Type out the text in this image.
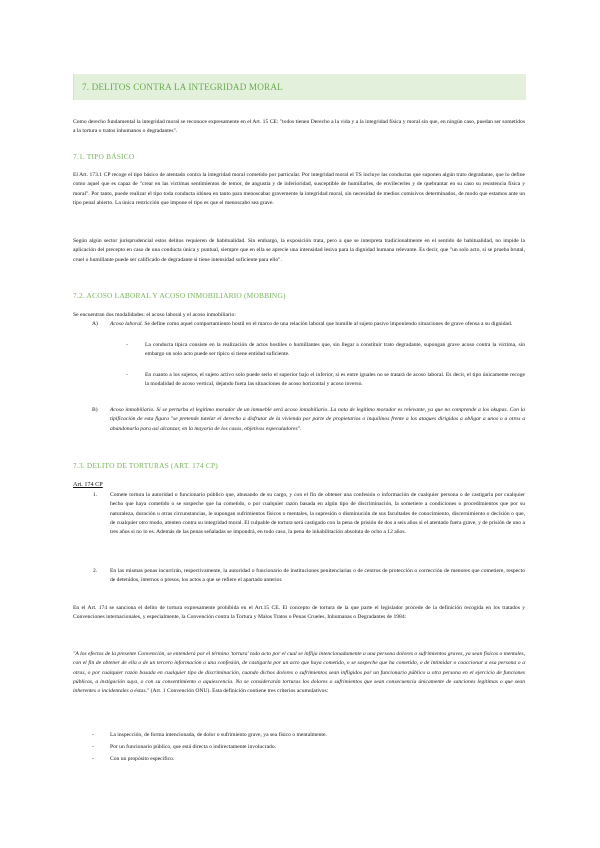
7. DELITOS CONTRA LA INTEGRIDAD MORAL

Como derecho fundamental la integridad moral se reconoce expresamente en el Art. 15 CE: "todos tienen Derecho a la vida y a la integridad física y moral sin que, en ningún caso, puedan ser sometidos a la tortura o tratos inhumanos o degradantes".

7.1. TIPO BÁSICO

El Art. 173.1 CP recoge el tipo básico de atentado contra la integridad moral cometido por particular. Por integridad moral el TS incluye las conductas que suponen algún trato degradante, que lo define como aquel que es capaz de "crear en las víctimas sentimientos de temor, de angustia y de inferioridad, susceptible de humillarles, de envilecerles y de quebrantar en su caso su resistencia física y moral". Por tanto, puede realizar el tipo toda conducta idónea en tanto para menoscabar gravemente la integridad moral, sin necesidad de medios comisivos determinados, de modo que estamos ante un tipo penal abierto. La única restricción que impone el tipo es que el menoscabo sea grave.

Según algún sector jurisprudencial estos delitos requieren de habitualidad. Sin embargo, la exposición trata, pero a que se interpreta tradicionalmente en el sentido de habitualidad, no impide la aplicación del precepto en caso de una conducta única y puntual, siempre que en ella se aprecie una intensidad lesiva para la dignidad humana relevante. Es decir, que "un solo acto, si se prueba brutal, cruel o humillante puede ser calificado de degradante si tiene intensidad suficiente para ello".

7.2. ACOSO LABORAL Y ACOSO INMOBILIARIO (MOBBING)

Se encuentran dos modalidades: el acoso laboral y el acoso inmobiliario:

A) Acoso laboral. Se define como aquel comportamiento hostil en el marco de una relación laboral que humille al sujeto pasivo imponiendo situaciones de grave ofensa a su dignidad.

-	La conducta típica consiste en la realización de actos hostiles o humillantes que, sin llegar a constituir trato degradante, supongan grave acoso contra la víctima, sin embargo un solo acto puede ser típico si tiene entidad suficiente.

-	En cuanto a los sujetos, el sujeto activo solo puede serlo el superior bajo el inferior, si es entre iguales no se tratará de acoso laboral. Es decir, el tipo únicamente recoge la modalidad de acoso vertical, dejando fuera las situaciones de acoso horizontal y acoso inverso.

B) Acoso inmobiliario. Si se perturba el legítimo morador de un inmueble será acoso inmobiliario. La nota de legítimo morador es relevante, ya que no comprende a los okupas. Con la tipificación de esta figura "se pretende tutelar el derecho a disfrutar de la vivienda por parte de propietarios o inquilinos frente a los ataques dirigidos a obligar a unos o a otros a abandonarla para así alcanzar, en la mayoría de los casos, objetivos especuladores".

7.3. DELITO DE TORTURAS (ART. 174 CP)
Art. 174 CP
1. Comete tortura la autoridad o funcionario público que, abusando de su cargo, y con el fin de obtener una confesión o información de cualquier persona o de castigarla por cualquier hecho que haya cometido o se sospeche que ha cometido, o por cualquier razón basada en algún tipo de discriminación, la sometiere a condiciones o procedimientos que por su naturaleza, duración u otras circunstancias, le supongan sufrimientos físicos o mentales, la supresión o disminución de sus facultades de conocimiento, discernimiento o decisión o que, de cualquier otro modo, atenten contra su integridad moral. El culpable de tortura será castigado con la pena de prisión de dos a seis años si el atentado fuera grave, y de prisión de uno a tres años si no lo es. Además de las penas señaladas se impondrá, en todo caso, la pena de inhabilitación absoluta de ocho a 12 años.

2. En las mismas penas incurrirán, respectivamente, la autoridad o funcionario de instituciones penitenciarias o de centros de protección o corrección de menores que cometiere, respecto de detenidos, internos o presos, los actos a que se refiere el apartado anterior.

En el Art. 174 se sanciona el delito de tortura expresamente prohibida en el Art.15 CE. El concepto de tortura de la que parte el legislador procede de la definición recogida en los tratados y Convenciones internacionales, y especialmente, la Convención contra la Tortura y Malos Tratos o Penas Crueles, Inhumanas o Degradantes de 1984:

"A los efectos de la presente Convención, se entenderá por el término 'tortura' todo acto por el cual se inflija intencionadamente a una persona dolores o sufrimientos graves, ya sean físicos o mentales, con el fin de obtener de ella o de un tercero información o una confesión, de castigarla por un acto que haya cometido, o se sospeche que ha cometido, o de intimidar o coaccionar a esa persona o a otras, o por cualquier razón basada en cualquier tipo de discriminación, cuando dichos dolores o sufrimientos sean infligidos por un funcionario público u otra persona en el ejercicio de funciones públicas, a instigación suya, o con su consentimiento o aquiescencia. No se considerarán torturas los dolores o sufrimientos que sean consecuencia únicamente de sanciones legítimas o que sean inherentes o incidentales a éstas." (Art. 1 Convención ONU). Esta definición contiene tres criterios acumulativos:

-	La inspección, de forma intencionada, de dolor o sufrimiento grave, ya sea físico o mentalmente.

-	Por un funcionario público, que está directa o indirectamente involucrado.

-	Con un propósito específico.
